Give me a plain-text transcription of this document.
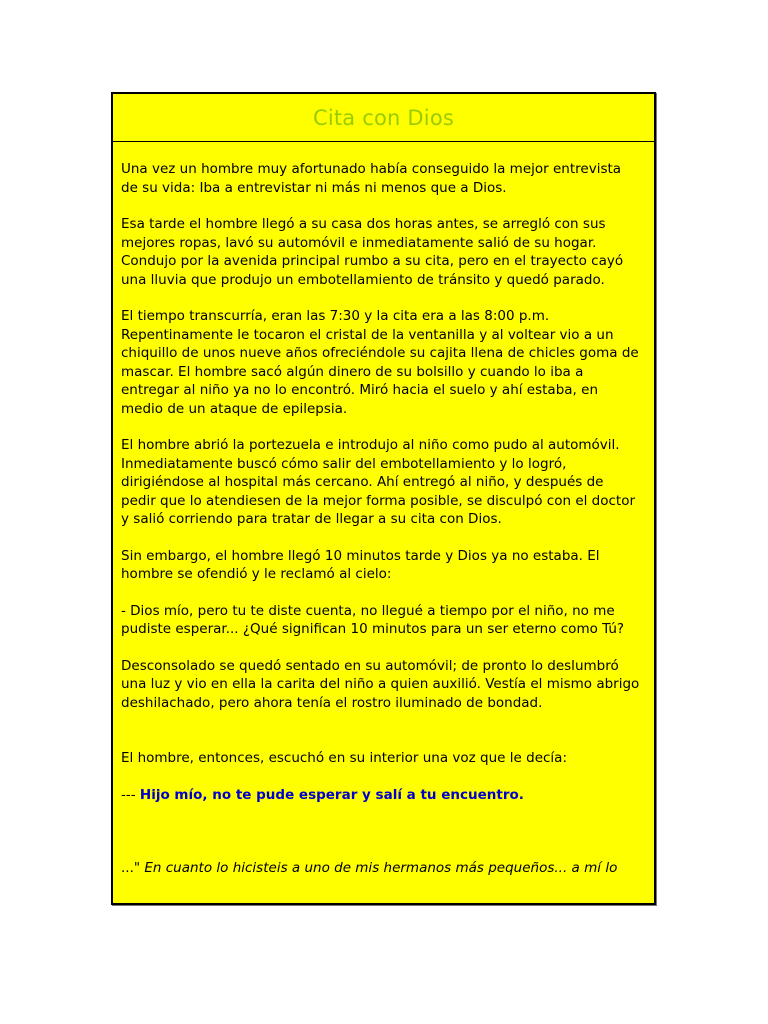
Cita con Dios

Una vez un hombre muy afortunado había conseguido la mejor entrevista de su vida: Iba a entrevistar ni más ni menos que a Dios.

Esa tarde el hombre llegó a su casa dos horas antes, se arregló con sus mejores ropas, lavó su automóvil e inmediatamente salió de su hogar. Condujo por la avenida principal rumbo a su cita, pero en el trayecto cayó una lluvia que produjo un embotellamiento de tránsito y quedó parado.

El tiempo transcurría, eran las 7:30 y la cita era a las 8:00 p.m. Repentinamente le tocaron el cristal de la ventanilla y al voltear vio a un chiquillo de unos nueve años ofreciéndole su cajita llena de chicles goma de mascar. El hombre sacó algún dinero de su bolsillo y cuando lo iba a entregar al niño ya no lo encontró. Miró hacia el suelo y ahí estaba, en medio de un ataque de epilepsia.

El hombre abrió la portezuela e introdujo al niño como pudo al automóvil. Inmediatamente buscó cómo salir del embotellamiento y lo logró, dirigiéndose al hospital más cercano. Ahí entregó al niño, y después de pedir que lo atendiesen de la mejor forma posible, se disculpó con el doctor y salió corriendo para tratar de llegar a su cita con Dios.

Sin embargo, el hombre llegó 10 minutos tarde y Dios ya no estaba. El hombre se ofendió y le reclamó al cielo:

- Dios mío, pero tu te diste cuenta, no llegué a tiempo por el niño, no me pudiste esperar... ¿Qué significan 10 minutos para un ser eterno como Tú?

Desconsolado se quedó sentado en su automóvil; de pronto lo deslumbró una luz y vio en ella la carita del niño a quien auxilió. Vestía el mismo abrigo deshilachado, pero ahora tenía el rostro iluminado de bondad.

El hombre, entonces, escuchó en su interior una voz que le decía:

--- Hijo mío, no te pude esperar y salí a tu encuentro.

..." En cuanto lo hicisteis a uno de mis hermanos más pequeños... a mí lo
